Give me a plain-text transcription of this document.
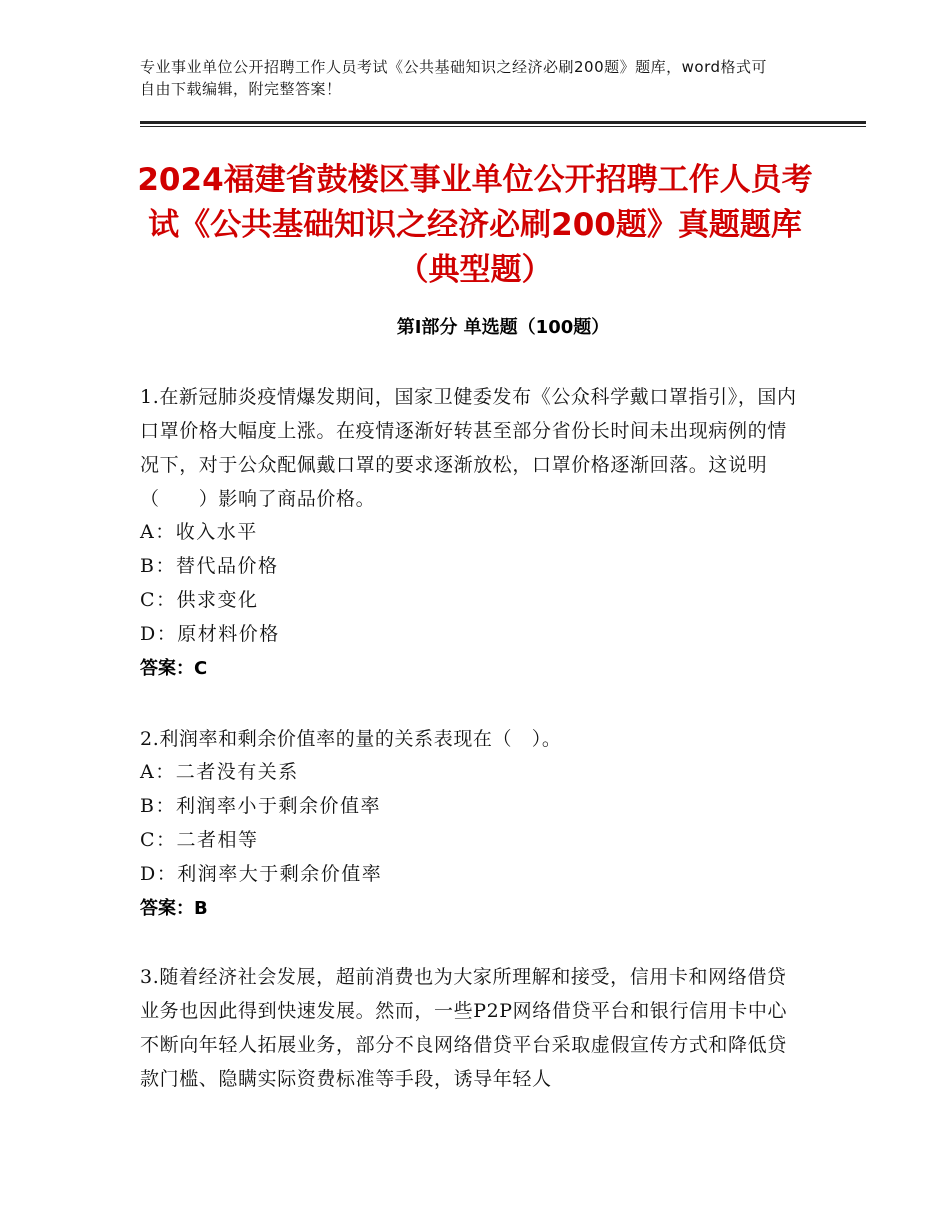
专业事业单位公开招聘工作人员考试《公共基础知识之经济必刷200题》题库，word格式可自由下载编辑，附完整答案！
2024福建省鼓楼区事业单位公开招聘工作人员考试《公共基础知识之经济必刷200题》真题题库（典型题）
第Ⅰ部分 单选题（100题）
1.在新冠肺炎疫情爆发期间，国家卫健委发布《公众科学戴口罩指引》，国内口罩价格大幅度上涨。在疫情逐渐好转甚至部分省份长时间未出现病例的情况下，对于公众配佩戴口罩的要求逐渐放松，口罩价格逐渐回落。这说明（　　）影响了商品价格。
A：收入水平
B：替代品价格
C：供求变化
D：原材料价格
答案：C
2.利润率和剩余价值率的量的关系表现在（　）。
A：二者没有关系
B：利润率小于剩余价值率
C：二者相等
D：利润率大于剩余价值率
答案：B
3.随着经济社会发展，超前消费也为大家所理解和接受，信用卡和网络借贷业务也因此得到快速发展。然而，一些P2P网络借贷平台和银行信用卡中心不断向年轻人拓展业务，部分不良网络借贷平台采取虚假宣传方式和降低贷款门槛、隐瞒实际资费标准等手段，诱导年轻人
